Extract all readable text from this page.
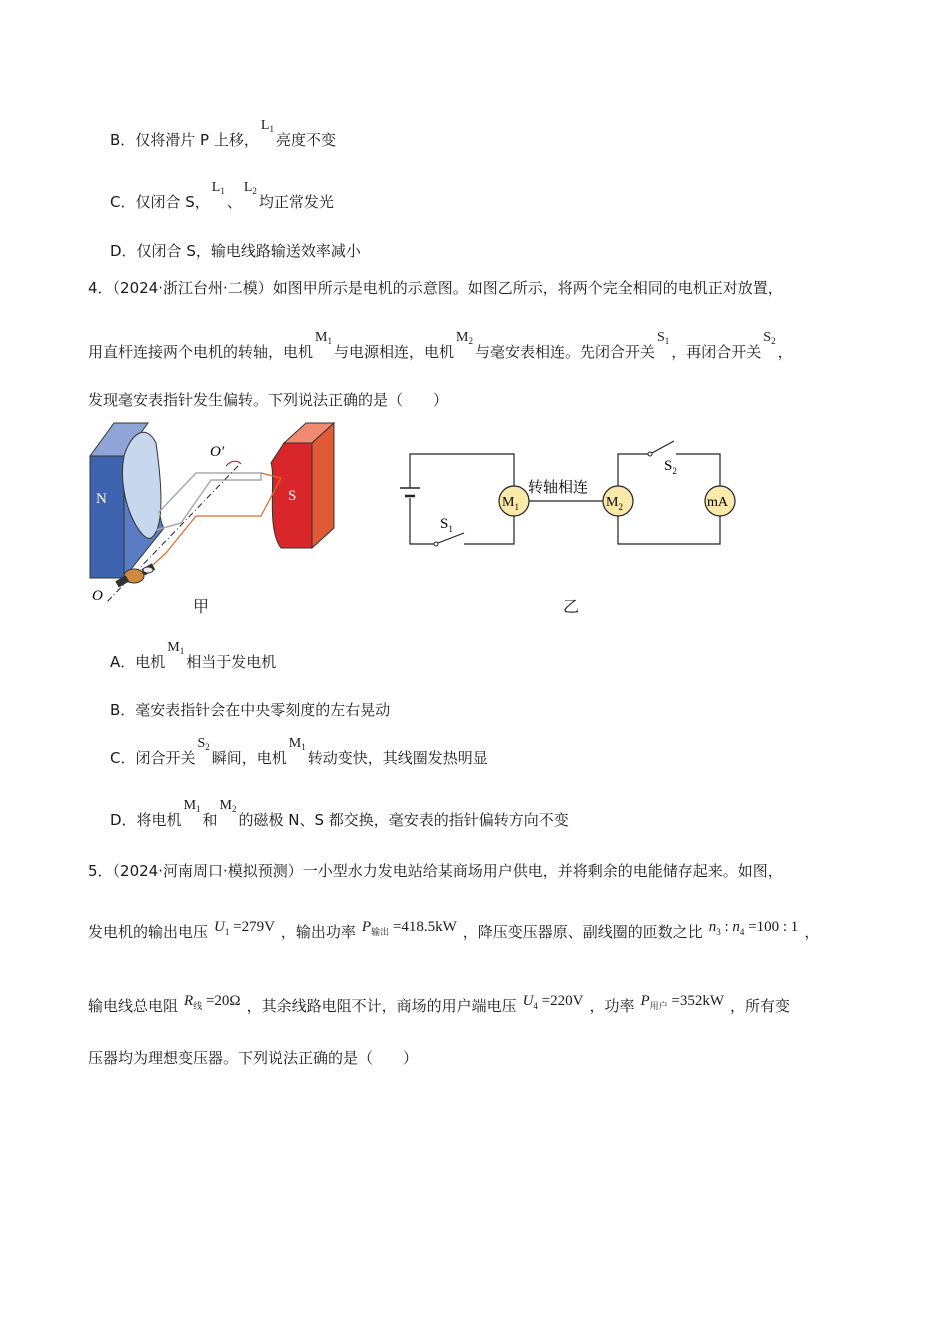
B．仅将滑片 P 上移，$L_1$亮度不变
C．仅闭合 S，$L_1$、$L_2$均正常发光
D．仅闭合 S，输电线路输送效率减小
4．（2024·浙江台州·二模）如图甲所示是电机的示意图。如图乙所示，将两个完全相同的电机正对放置，
用直杆连接两个电机的转轴，电机$M_1$与电源相连，电机$M_2$与毫安表相连。先闭合开关$S_1$，再闭合开关$S_2$，
发现毫安表指针发生偏转。下列说法正确的是（　　）
N	S
O′
O
甲
$S_1$
$M_1$
转轴相连
$M_2$
$S_2$
mA
乙
A．电机$M_1$相当于发电机
B．毫安表指针会在中央零刻度的左右晃动
C．闭合开关$S_2$瞬间，电机$M_1$转动变快，其线圈发热明显
D．将电机$M_1$和$M_2$的磁极 N、S 都交换，毫安表的指针偏转方向不变
5．（2024·河南周口·模拟预测）一小型水力发电站给某商场用户供电，并将剩余的电能储存起来。如图，
发电机的输出电压 $U_1 =279V$ ，输出功率 $P_{输出} =418.5kW$ ，降压变压器原、副线圈的匝数之比 $n_3$ : $n_4 =100$ : 1 ，
输电线总电阻 $R_线 =20\Omega$ ，其余线路电阻不计，商场的用户端电压 $U_4 =220V$ ，功率 $P_{用户} =352kW$ ，所有变
压器均为理想变压器。下列说法正确的是（　　）
